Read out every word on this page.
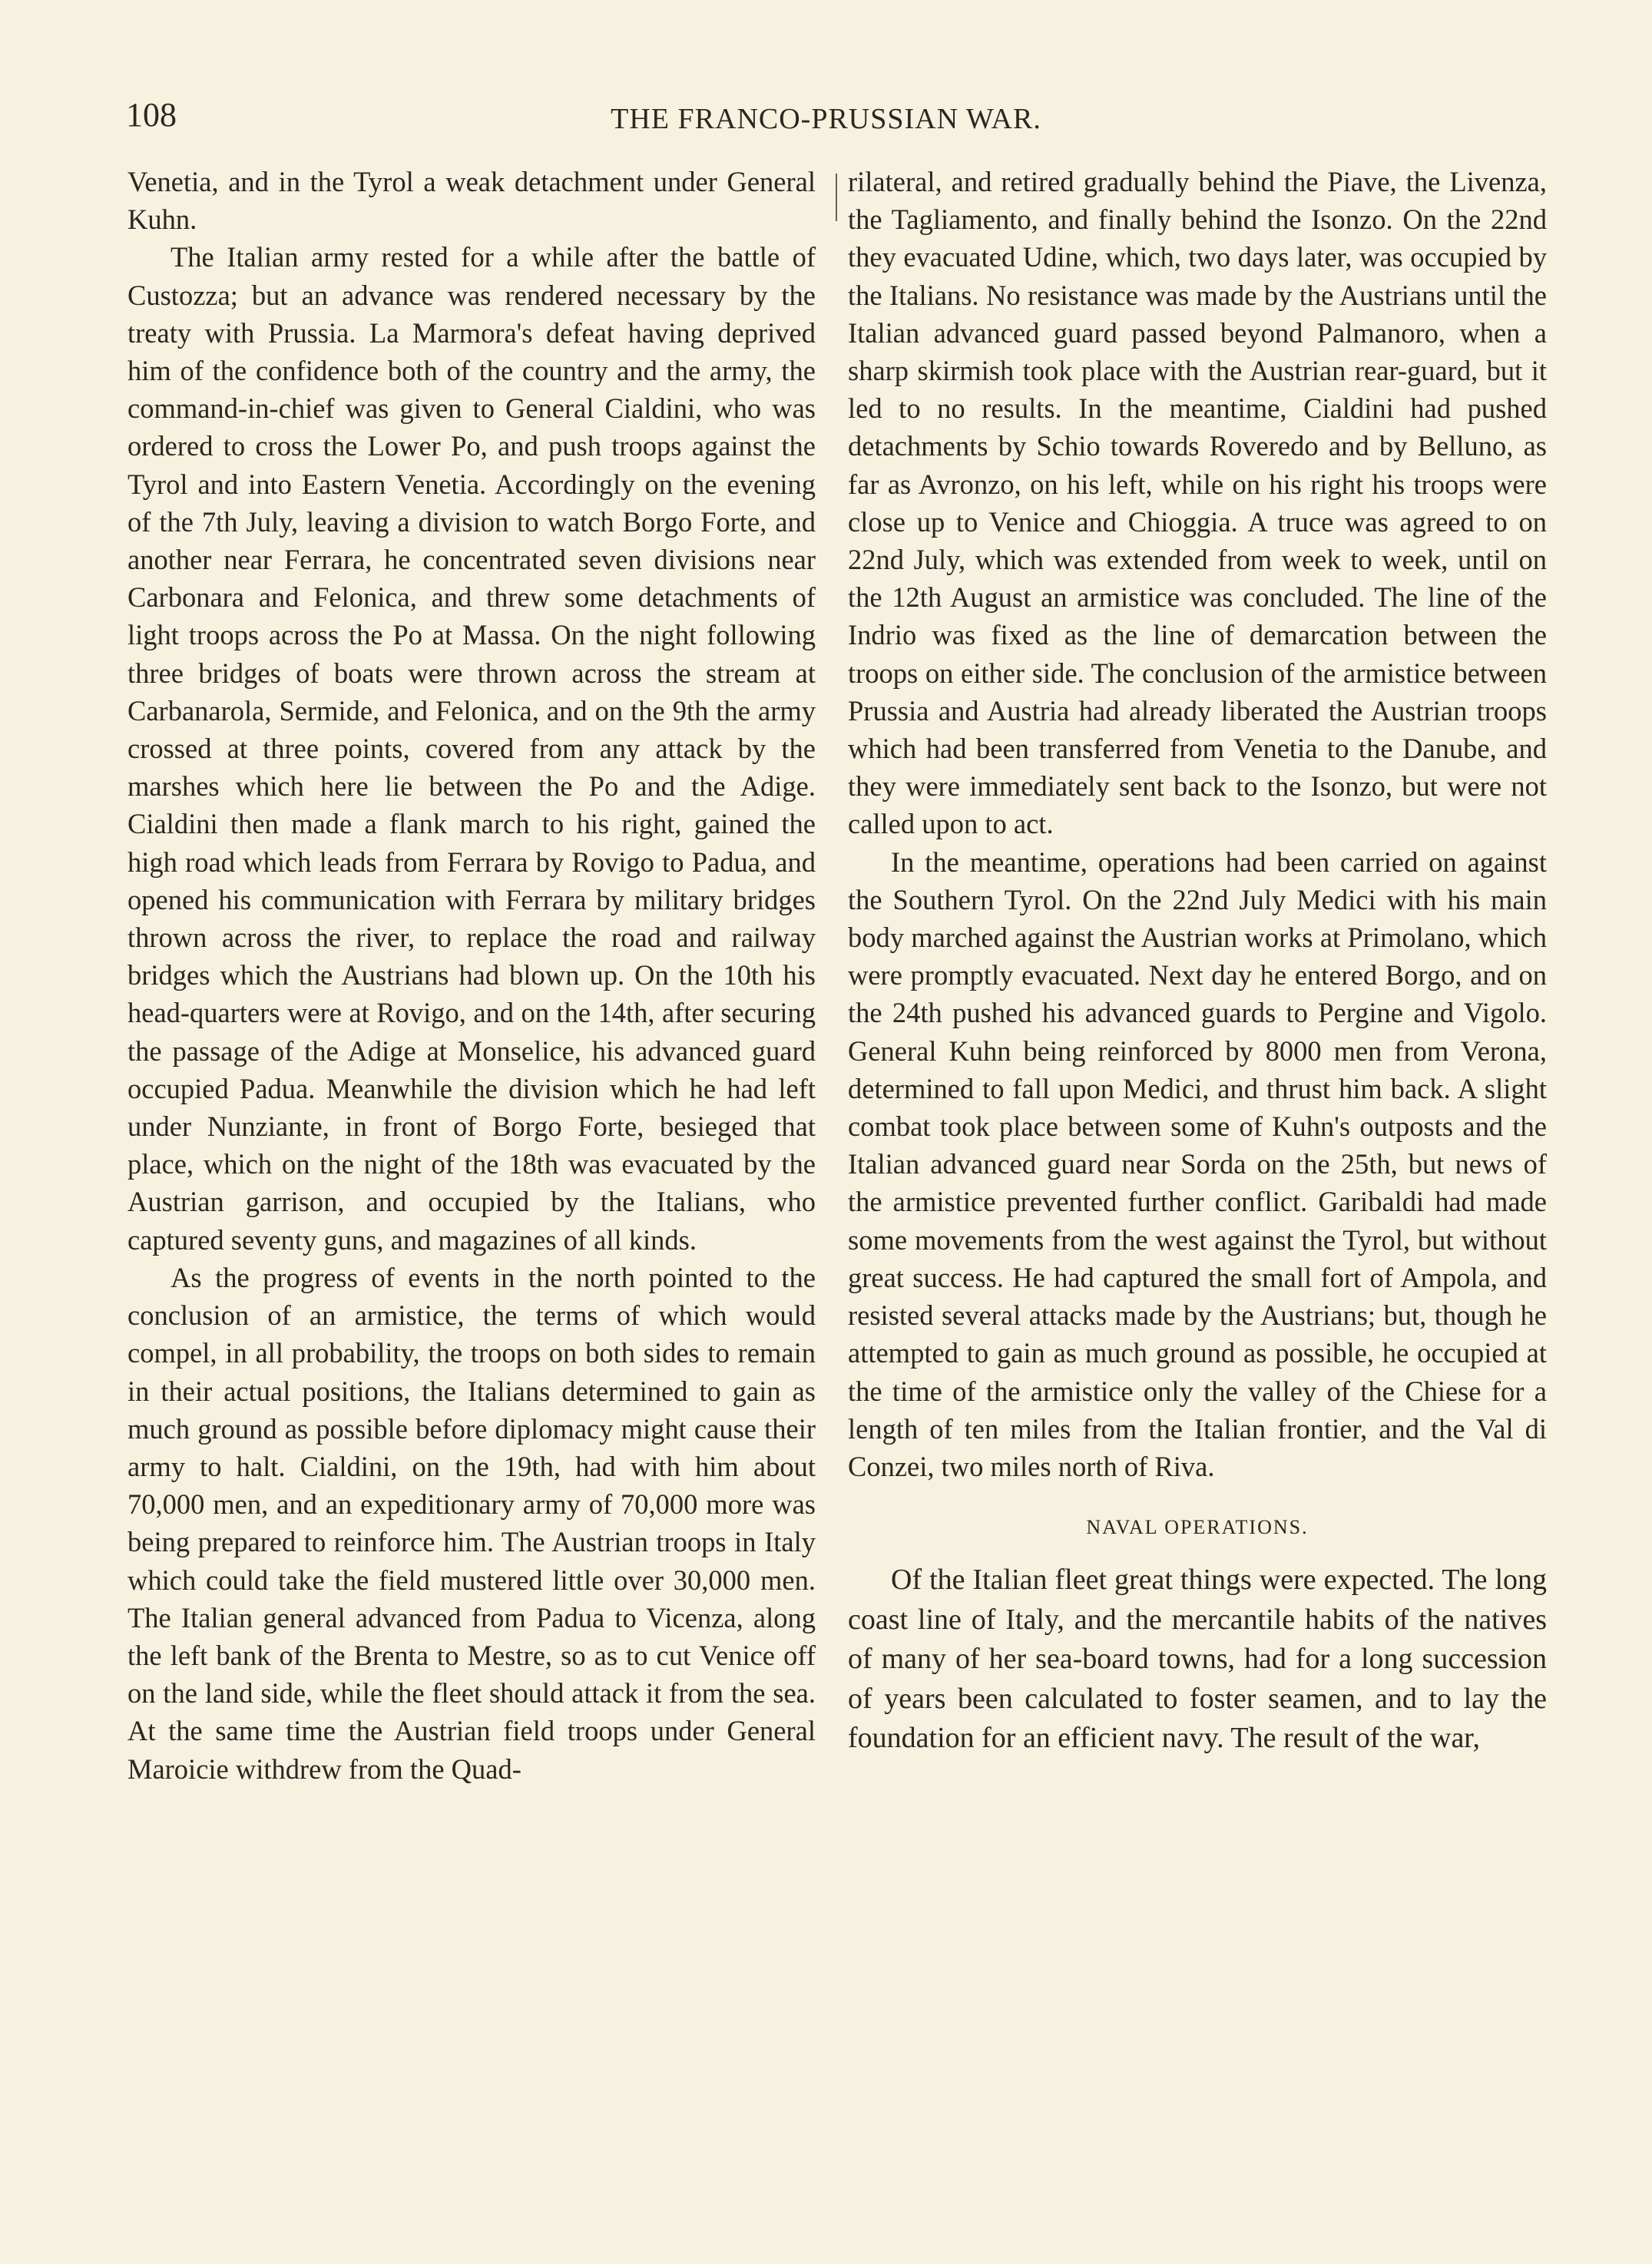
108	THE FRANCO-PRUSSIAN WAR.

Venetia, and in the Tyrol a weak detachment under General Kuhn.

The Italian army rested for a while after the battle of Custozza; but an advance was rendered necessary by the treaty with Prussia. La Marmora's defeat having deprived him of the confidence both of the country and the army, the command-in-chief was given to General Cialdini, who was ordered to cross the Lower Po, and push troops against the Tyrol and into Eastern Venetia. Accordingly on the evening of the 7th July, leaving a division to watch Borgo Forte, and another near Ferrara, he concentrated seven divisions near Carbonara and Felonica, and threw some detachments of light troops across the Po at Massa. On the night following three bridges of boats were thrown across the stream at Carbanarola, Sermide, and Felonica, and on the 9th the army crossed at three points, covered from any attack by the marshes which here lie between the Po and the Adige. Cialdini then made a flank march to his right, gained the high road which leads from Ferrara by Rovigo to Padua, and opened his communication with Ferrara by military bridges thrown across the river, to replace the road and railway bridges which the Austrians had blown up. On the 10th his head-quarters were at Rovigo, and on the 14th, after securing the passage of the Adige at Monselice, his advanced guard occupied Padua. Meanwhile the division which he had left under Nunziante, in front of Borgo Forte, besieged that place, which on the night of the 18th was evacuated by the Austrian garrison, and occupied by the Italians, who captured seventy guns, and magazines of all kinds.

As the progress of events in the north pointed to the conclusion of an armistice, the terms of which would compel, in all probability, the troops on both sides to remain in their actual positions, the Italians determined to gain as much ground as possible before diplomacy might cause their army to halt. Cialdini, on the 19th, had with him about 70,000 men, and an expeditionary army of 70,000 more was being prepared to reinforce him. The Austrian troops in Italy which could take the field mustered little over 30,000 men. The Italian general advanced from Padua to Vicenza, along the left bank of the Brenta to Mestre, so as to cut Venice off on the land side, while the fleet should attack it from the sea. At the same time the Austrian field troops under General Maroicie withdrew from the Quad-

rilateral, and retired gradually behind the Piave, the Livenza, the Tagliamento, and finally behind the Isonzo. On the 22nd they evacuated Udine, which, two days later, was occupied by the Italians. No resistance was made by the Austrians until the Italian advanced guard passed beyond Palmanoro, when a sharp skirmish took place with the Austrian rear-guard, but it led to no results. In the meantime, Cialdini had pushed detachments by Schio towards Roveredo and by Belluno, as far as Avronzo, on his left, while on his right his troops were close up to Venice and Chioggia. A truce was agreed to on 22nd July, which was extended from week to week, until on the 12th August an armistice was concluded. The line of the Indrio was fixed as the line of demarcation between the troops on either side. The conclusion of the armistice between Prussia and Austria had already liberated the Austrian troops which had been transferred from Venetia to the Danube, and they were immediately sent back to the Isonzo, but were not called upon to act.

In the meantime, operations had been carried on against the Southern Tyrol. On the 22nd July Medici with his main body marched against the Austrian works at Primolano, which were promptly evacuated. Next day he entered Borgo, and on the 24th pushed his advanced guards to Pergine and Vigolo. General Kuhn being reinforced by 8000 men from Verona, determined to fall upon Medici, and thrust him back. A slight combat took place between some of Kuhn's outposts and the Italian advanced guard near Sorda on the 25th, but news of the armistice prevented further conflict. Garibaldi had made some movements from the west against the Tyrol, but without great success. He had captured the small fort of Ampola, and resisted several attacks made by the Austrians; but, though he attempted to gain as much ground as possible, he occupied at the time of the armistice only the valley of the Chiese for a length of ten miles from the Italian frontier, and the Val di Conzei, two miles north of Riva.

NAVAL OPERATIONS.

Of the Italian fleet great things were expected. The long coast line of Italy, and the mercantile habits of the natives of many of her sea-board towns, had for a long succession of years been calculated to foster seamen, and to lay the foundation for an efficient navy. The result of the war,
